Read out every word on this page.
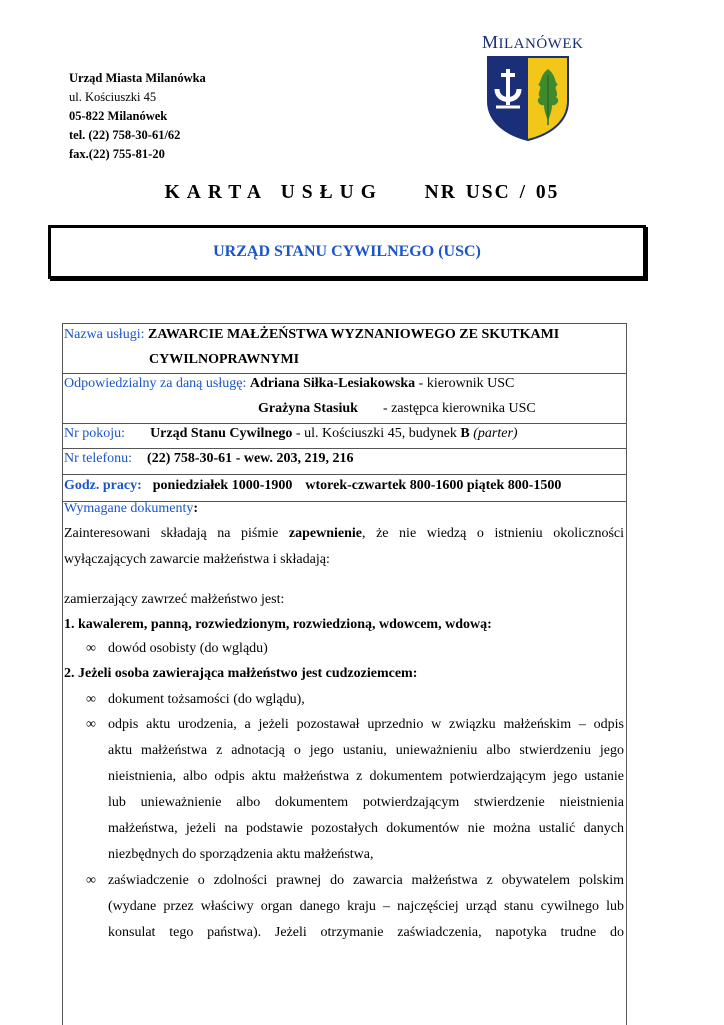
Urząd Miasta Milanówka
ul. Kościuszki 45
05-822 Milanówek
tel. (22) 758-30-61/62
fax.(22) 755-81-20
MILANÓWEK
KARTA USŁUG NR USC / 05
URZĄD STANU CYWILNEGO (USC)
Nazwa usługi: ZAWARCIE MAŁŻEŃSTWA WYZNANIOWEGO ZE SKUTKAMI
CYWILNOPRAWNYMI
Odpowiedzialny za daną usługę: Adriana Siłka-Lesiakowska - kierownik USC
Grażyna Stasiuk - zastępca kierownika USC
Nr pokoju: Urząd Stanu Cywilnego - ul. Kościuszki 45, budynek B (parter)
Nr telefonu: (22) 758-30-61 - wew. 203, 219, 216
Godz. pracy: poniedziałek 1000-1900 wtorek-czwartek 800-1600 piątek 800-1500
Wymagane dokumenty:
Zainteresowani składają na piśmie zapewnienie, że nie wiedzą o istnieniu okoliczności
wyłączających zawarcie małżeństwa i składają:
zamierzający zawrzeć małżeństwo jest:
1. kawalerem, panną, rozwiedzionym, rozwiedzioną, wdowcem, wdową:
∞ dowód osobisty (do wglądu)
2. Jeżeli osoba zawierająca małżeństwo jest cudzoziemcem:
∞ dokument tożsamości (do wglądu),
∞ odpis aktu urodzenia, a jeżeli pozostawał uprzednio w związku małżeńskim – odpis
aktu małżeństwa z adnotacją o jego ustaniu, unieważnieniu albo stwierdzeniu jego
nieistnienia, albo odpis aktu małżeństwa z dokumentem potwierdzającym jego ustanie
lub unieważnienie albo dokumentem potwierdzającym stwierdzenie nieistnienia
małżeństwa, jeżeli na podstawie pozostałych dokumentów nie można ustalić danych
niezbędnych do sporządzenia aktu małżeństwa,
∞ zaświadczenie o zdolności prawnej do zawarcia małżeństwa z obywatelem polskim
(wydane przez właściwy organ danego kraju – najczęściej urząd stanu cywilnego lub
konsulat tego państwa). Jeżeli otrzymanie zaświadczenia, napotyka trudne do
